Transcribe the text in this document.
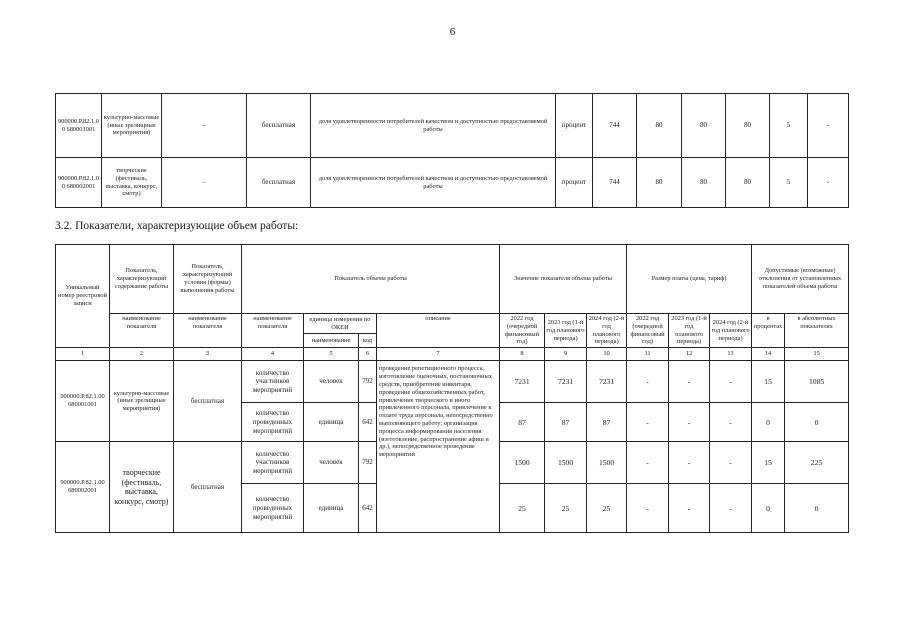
6
900000.Р.82.1.00 680001001	культурно-массовые (иные зрелищные мероприятия)	–	бесплатная	доля удовлетворенности потребителей качеством и доступностью предоставляемой работы	процент	744	80	80	80	5	-
900000.Р.82.1.00 680002001	творческие (фестиваль, выставка, конкурс, смотр)	–	бесплатная	доля удовлетворенности потребителей качеством и доступностью предоставляемой работы	процент	744	80	80	80	5	-
3.2. Показатели, характеризующие объем работы:
Уникальный номер реестровой записи	Показатель, характеризующий содержание работы	Показатель, характеризующий условия (формы) выполнения работы	Показатель объема работы				Значение показателя объема работы			Размер платы (цена, тариф)			Допустимые (возможные) отклонения от установленных показателей объема работы	
	наименование показателя	наименование показателя	наименование показателя	единица измерения по ОКЕИ		описание	2022 год (очередной финансовый год)	2023 год (1-й год планового периода)	2024 год (2-й год планового периода)	2022 год (очередной финансовый год)	2023 год (1-й год планового периода)	2024 год (2-й год планового периода)	в процентах	в абсолютных показателях
				наименование	код									
1	2	3	4	5	6	7	8	9	10	11	12	13	14	15
900000.Р.82.1.00 680001001	культурно-массовые (иные зрелищные мероприятия)	бесплатная	количество участников мероприятий	человек	792	проведение репетиционного процесса, изготовление оценочных, постановочных средств, приобретение инвентаря, проведение общехозяйственных работ, привлечение творческого и иного привлеченного персонала, привлечение к оплате труда персонала, непосредственно выполняющего работу; организация процесса информирования населения (изготовление, распространение афиш и др.), непосредственное проведение мероприятий	7231	7231	7231	-	-	-	15	1085
			количество проведенных мероприятий	единица	642		87	87	87	-	-	-	0	0
900000.Р.82.1.00 680002001	творческие (фестиваль, выставка, конкурс, смотр)	бесплатная	количество участников мероприятий	человек	792		1500	1500	1500	-	-	-	15	225
			количество проведенных мероприятий	единица	642		25	25	25	-	-	-	0	0
